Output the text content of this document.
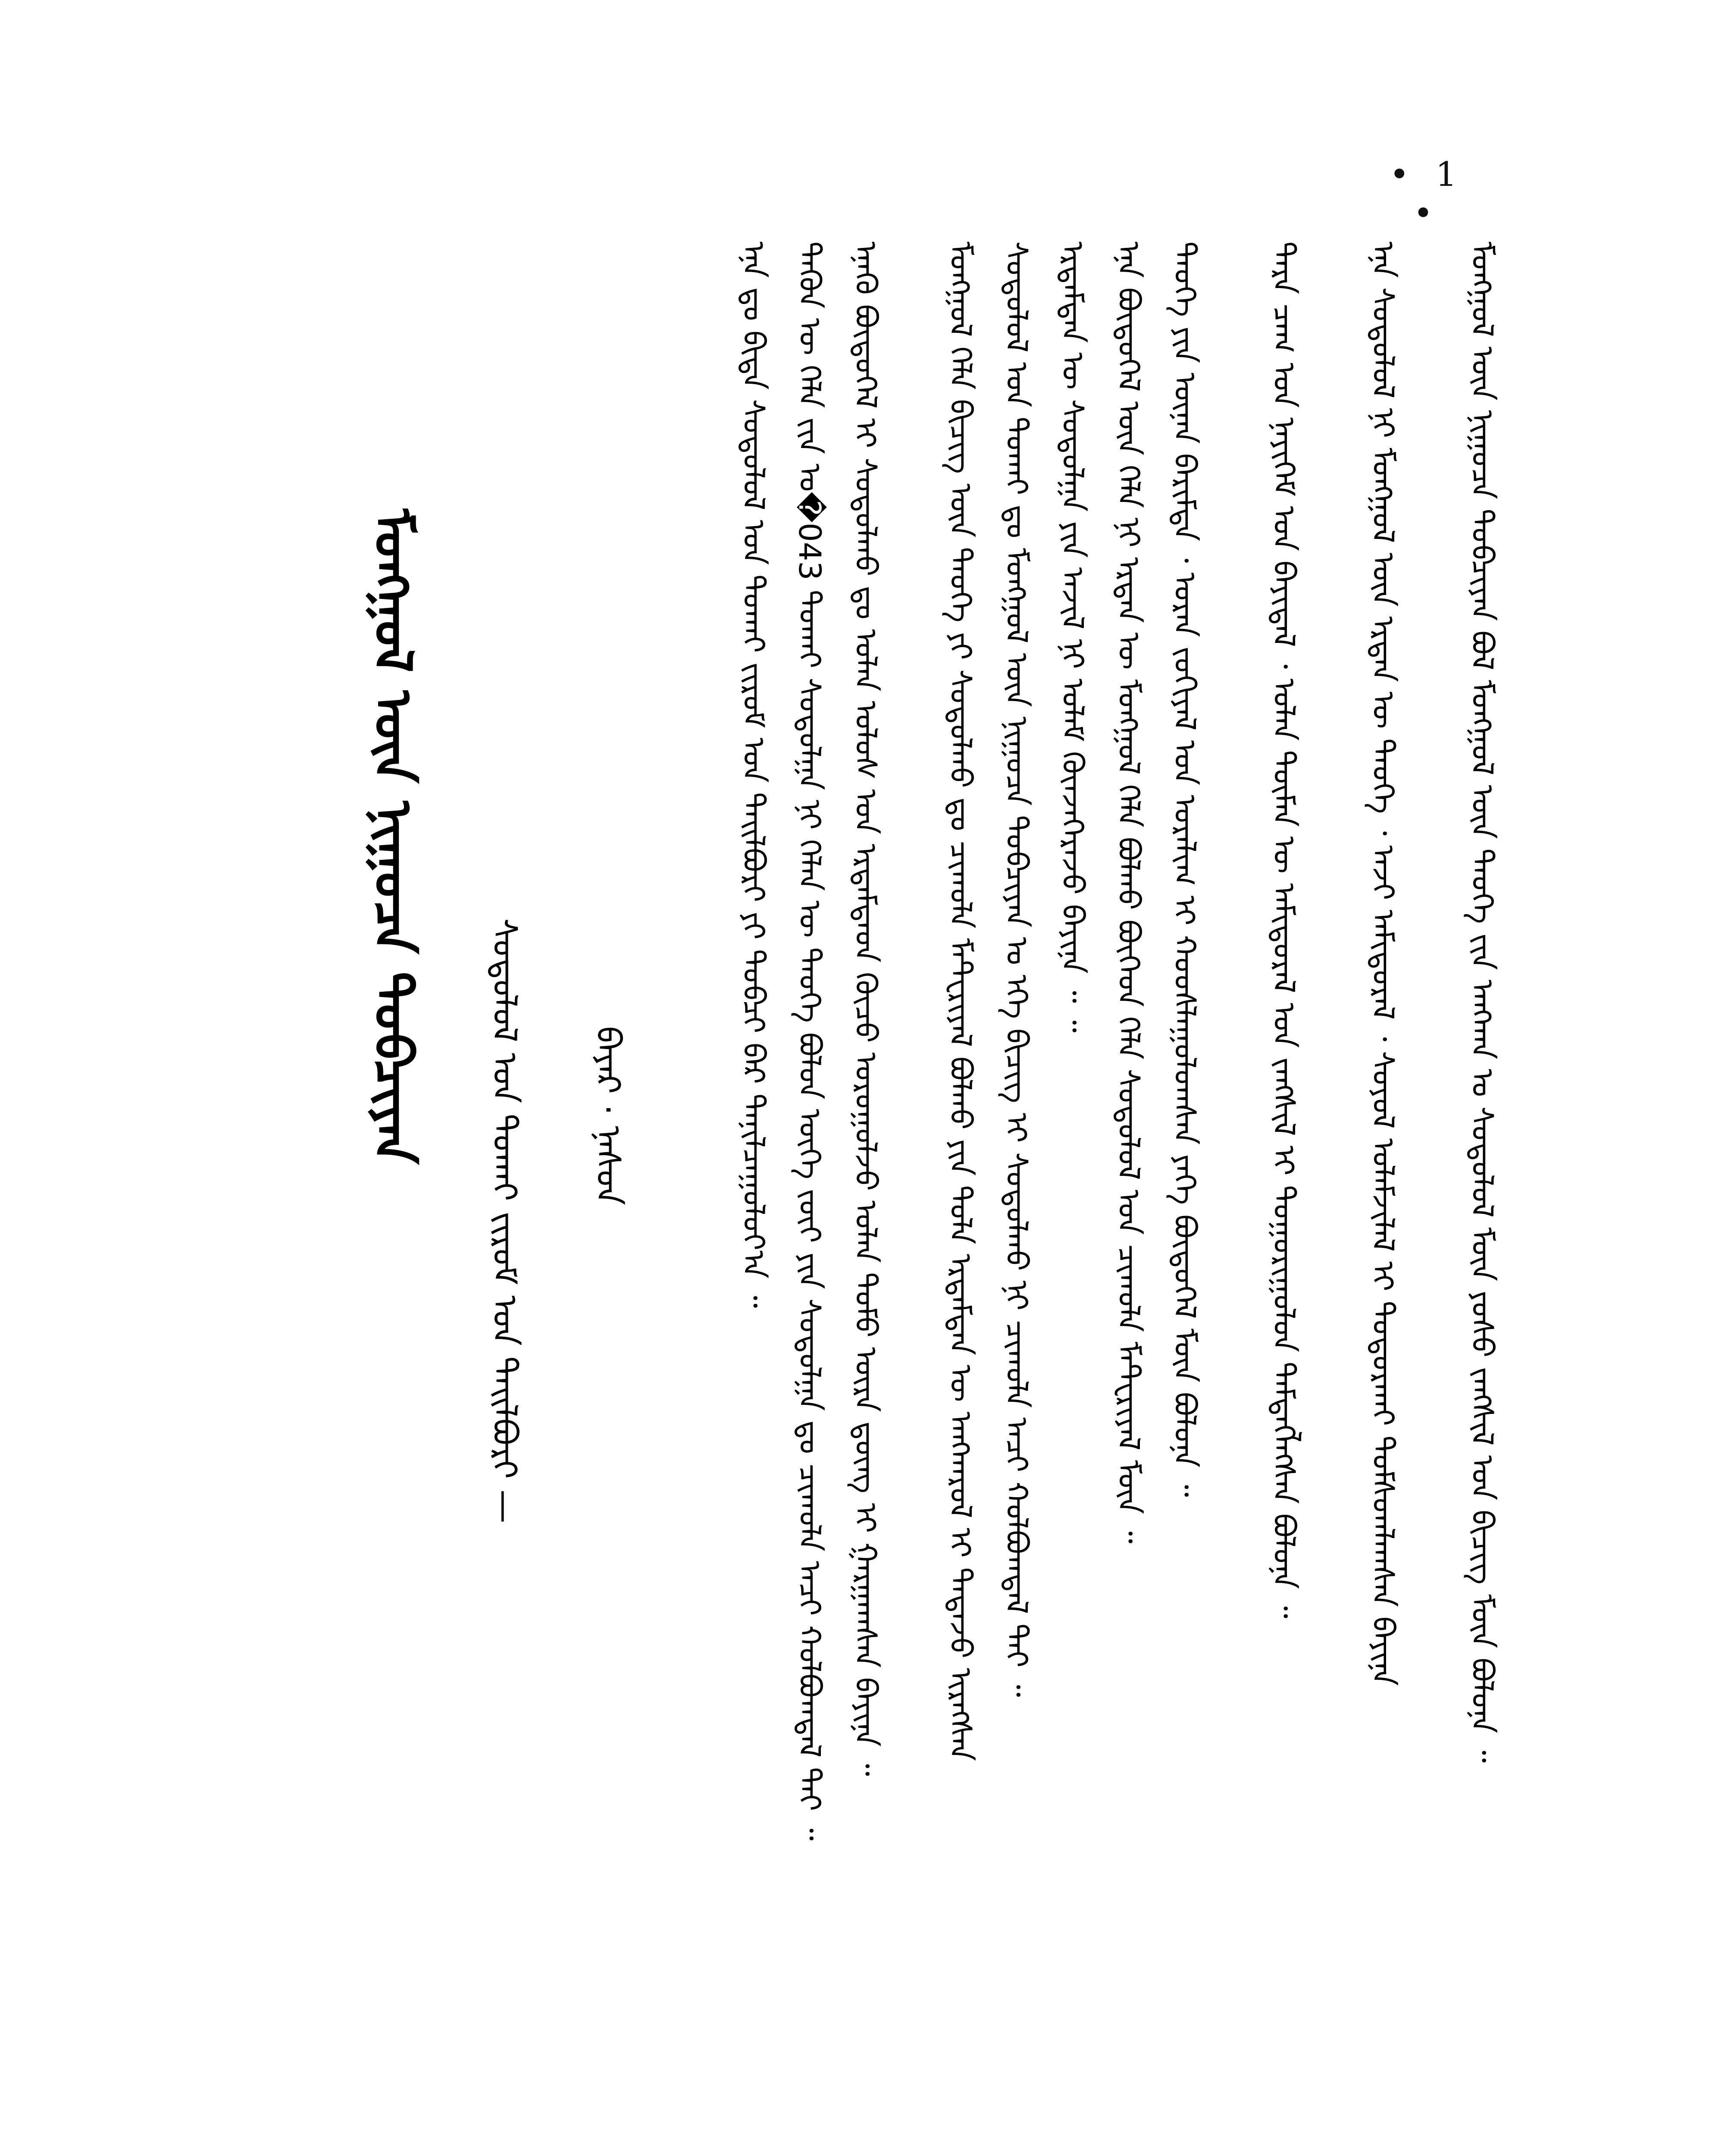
• 1 •
ᠮᠣᠩᠭᠣᠯ ᠦᠨ ᠨᠢᠭᠤᠴᠠ ᠲᠣᠪᠴᠢᠶᠠᠨ
ᠰᠤᠳᠤᠯᠤᠯ ᠤᠨ ᠲᠤᠬᠠᠢ ᠵᠢᠷᠤᠮ ᠤᠨ ᠲᠠᠢᠯᠪᠤᠷᠢ — ᠪᠠᠶᠠᠷ · ᠨᠠᠰᠤᠨ	ᠡᠨᠡ ᠳᠤ ᠪᠢᠳᠡ ᠰᠤᠳᠤᠯᠤᠯ ᠤᠨ ᠲᠤᠬᠠᠢ ᠵᠢᠷᠤᠮ ᠤᠨ ᠲᠠᠢᠯᠪᠤᠷᠢ ᠶᠢ ᠲᠣᠪᠴᠢ ᠪᠠᠷ ᠲᠠᠨᠢᠯᠴᠠᠭᠤᠯᠤᠶ᠎ᠠ ᠃ ᠲᠡᠭᠦᠨ ᠦ ᠬᠡᠯᠡ ᠵᠢᠨ ᠣ�043 ᠲᠤᠬᠠᠢ ᠰᠤᠳᠤᠯᠭᠠ ᠨᠢ ᠬᠡᠯᠡᠨ ᠦ ᠲᠡᠦᠬᠡ ᠪᠣᠯᠤᠨ ᠦᠭᠡ ᠵᠦᠢ ᠶᠢᠨ ᠰᠤᠳᠤᠯᠭᠠ ᠳᠤ ᠴᠢᠬᠤᠯᠠ ᠠᠴᠢ ᠬᠣᠯᠪᠣᠭᠳᠠᠯ ᠲᠠᠢ ᠃ ᠡᠨᠡᠬᠦ ᠪᠦᠲᠦᠭᠡᠯ ᠢ ᠰᠤᠳᠤᠯᠬᠤ ᠳᠤ ᠣᠯᠠᠨ ᠤᠯᠤᠰ ᠤᠨ ᠡᠷᠳᠡᠮᠲᠡᠳ ᠬᠦᠴᠦ ᠣᠷᠤᠭᠤᠯᠵᠤ ᠣᠯᠠᠨ ᠲᠣᠮᠣ ᠦᠷᠡ ᠳ᠋ᠦᠩ ᠢ ᠭᠠᠷᠭᠠᠭᠰᠠᠨ ᠪᠠᠶᠢᠨᠠ ᠃ ᠮᠣᠩᠭᠣᠯ ᠬᠡᠯᠡ ᠪᠢᠴᠢᠭ ᠦᠨ ᠲᠡᠦᠬᠡ ᠶᠢ ᠰᠤᠳᠤᠯᠬᠤ ᠳᠤ ᠴᠢᠬᠤᠯᠠ ᠮᠠᠲ᠋ᠧᠷᠢᠶᠠᠯ ᠪᠣᠯᠬᠤ ᠶᠢᠨ ᠲᠤᠯᠠ ᠡᠷᠳᠡᠮᠲᠡᠨ ᠦ ᠠᠩᠬᠠᠷᠤᠯ ᠢ ᠲᠠᠲᠠᠵᠤ ᠢᠷᠡᠭᠰᠡᠨ ᠰᠤᠳᠤᠯᠤᠯ ᠤᠨ ᠲᠣᠬᠠᠢ ᠳᠤ ᠮᠣᠩᠭᠣᠯ ᠦᠨ ᠨᠢᠭᠤᠴᠠ ᠲᠣᠪᠴᠢᠶᠠᠨ ᠤ ᠡᠬᠡ ᠪᠢᠴᠢᠭ ᠢ ᠰᠤᠳᠤᠯᠬᠤ ᠨᠢ ᠴᠢᠬᠤᠯᠠ ᠠᠴᠢ ᠬᠣᠯᠪᠣᠭᠳᠠᠯ ᠲᠠᠢ ᠃ ᠡᠷᠳᠡᠮᠲᠡᠨ ᠦ ᠰᠤᠳᠤᠯᠭᠠ ᠶᠢᠨ ᠠᠵᠢᠯ ᠨᠢ ᠤᠯᠠᠮ ᠭᠦᠨᠵᠡᠭᠡᠷᠡᠵᠦ ᠪᠠᠶᠢᠨᠠ ᠃ ᠃ ᠡᠨᠡ ᠪᠦᠲᠦᠭᠡᠯ ᠦᠨ ᠬᠡᠯᠡ ᠨᠢ ᠡᠷᠲᠡᠨ ᠦ ᠮᠣᠩᠭᠣᠯ ᠬᠡᠯᠡ ᠪᠣᠯᠬᠤ ᠪᠥᠭᠡᠳ ᠬᠡᠯᠡ ᠰᠤᠳᠤᠯᠤᠯ ᠤᠨ ᠴᠢᠬᠤᠯᠠ ᠮᠠᠲ᠋ᠧᠷᠢᠶᠠᠯ ᠮᠥᠨ ᠃ ᠲᠡᠦᠬᠡ ᠶᠢᠨ ᠦᠨᠡᠨ ᠪᠠᠷᠢᠮᠲᠠ ᠂ ᠤᠷᠠᠨ ᠵᠣᠬᠢᠶᠠᠯ ᠤᠨ ᠤᠷᠠᠯᠢᠭ ᠢ ᠬᠣᠣᠰᠯᠠᠭᠤᠯᠤᠭᠰᠠᠨ ᠶᠡᠬᠡ ᠪᠦᠲᠦᠭᠡᠯ ᠮᠥᠨ ᠪᠣᠯᠤᠨᠠ ᠃ ᠲᠡᠷᠡ ᠴᠠᠭ ᠤᠨ ᠨᠡᠶᠢᠭᠡᠮ ᠤᠨ ᠪᠠᠶᠢᠳᠠᠯ ᠂ ᠣᠯᠠᠨ ᠲᠥᠮᠡᠨ ᠦ ᠠᠮᠢᠳᠤᠷᠠᠯ ᠤᠨ ᠵᠠᠩᠱᠢᠯ ᠢ ᠲᠣᠭᠣᠷᠢᠭᠤᠯᠤᠨ ᠲᠡᠮᠳᠡᠭᠯᠡᠭᠰᠡᠨ ᠪᠣᠯᠤᠨᠠ ᠃ ᠡᠨᠡ ᠰᠤᠳᠤᠯᠤᠯ ᠨᠢ ᠮᠣᠩᠭᠣᠯ ᠦᠨ ᠡᠷᠲᠡᠨ ᠦ ᠲᠡᠦᠬᠡ ᠂ ᠠᠵᠢ ᠠᠮᠢᠳᠤᠷᠠᠯ ᠂ ᠰᠣᠶᠣᠯ ᠤᠯᠠᠮᠵᠢᠯᠠᠯ ᠢ ᠲᠣᠳᠣᠷᠬᠠᠢ ᠲᠤᠮᠰᠤᠭᠯᠠᠭᠰᠠᠨ ᠪᠠᠶᠢᠨᠠ ᠮᠣᠩᠭᠣᠯ ᠦᠨ ᠨᠢᠭᠤᠴᠠ ᠲᠣᠪᠴᠢᠶᠠᠨ ᠪᠣᠯ ᠮᠣᠩᠭᠣᠯ ᠦᠨ ᠲᠡᠦᠬᠡ ᠵᠢᠨ ᠠᠩᠬᠠᠨ ᠤ ᠰᠤᠳᠤᠯᠤᠯ ᠮᠥᠨ ᠶᠣᠰᠤ ᠵᠠᠩᠱᠢᠯ ᠤᠨ ᠪᠢᠴᠢᠭ ᠮᠥᠨ ᠪᠣᠯᠤᠨᠠ ᠃
